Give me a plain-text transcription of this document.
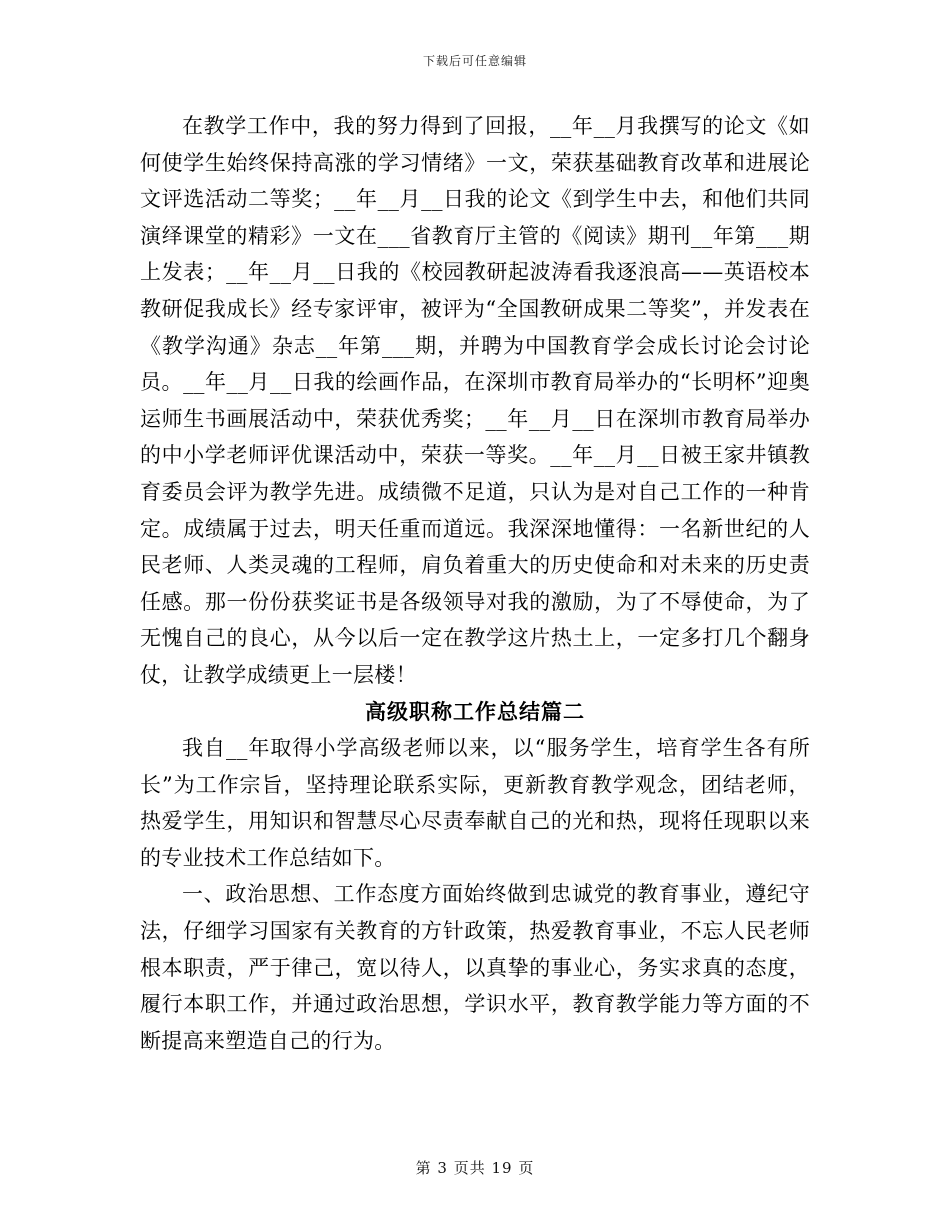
下载后可任意编辑

在教学工作中，我的努力得到了回报，__年__月我撰写的论文《如何使学生始终保持高涨的学习情绪》一文，荣获基础教育改革和进展论文评选活动二等奖；__年__月__日我的论文《到学生中去，和他们共同演绎课堂的精彩》一文在___省教育厅主管的《阅读》期刊__年第___期上发表；__年__月__日我的《校园教研起波涛看我逐浪高——英语校本教研促我成长》经专家评审，被评为“全国教研成果二等奖”，并发表在《教学沟通》杂志__年第___期，并聘为中国教育学会成长讨论会讨论员。__年__月__日我的绘画作品，在深圳市教育局举办的“长明杯”迎奥运师生书画展活动中，荣获优秀奖；__年__月__日在深圳市教育局举办的中小学老师评优课活动中，荣获一等奖。__年__月__日被王家井镇教育委员会评为教学先进。成绩微不足道，只认为是对自己工作的一种肯定。成绩属于过去，明天任重而道远。我深深地懂得：一名新世纪的人民老师、人类灵魂的工程师，肩负着重大的历史使命和对未来的历史责任感。那一份份获奖证书是各级领导对我的激励，为了不辱使命，为了无愧自己的良心，从今以后一定在教学这片热土上，一定多打几个翻身仗，让教学成绩更上一层楼！

高级职称工作总结篇二

我自__年取得小学高级老师以来，以“服务学生，培育学生各有所长”为工作宗旨，坚持理论联系实际，更新教育教学观念，团结老师，热爱学生，用知识和智慧尽心尽责奉献自己的光和热，现将任现职以来的专业技术工作总结如下。

一、政治思想、工作态度方面始终做到忠诚党的教育事业，遵纪守法，仔细学习国家有关教育的方针政策，热爱教育事业，不忘人民老师根本职责，严于律己，宽以待人，以真挚的事业心，务实求真的态度，履行本职工作，并通过政治思想，学识水平，教育教学能力等方面的不断提高来塑造自己的行为。

第 3 页共 19 页
